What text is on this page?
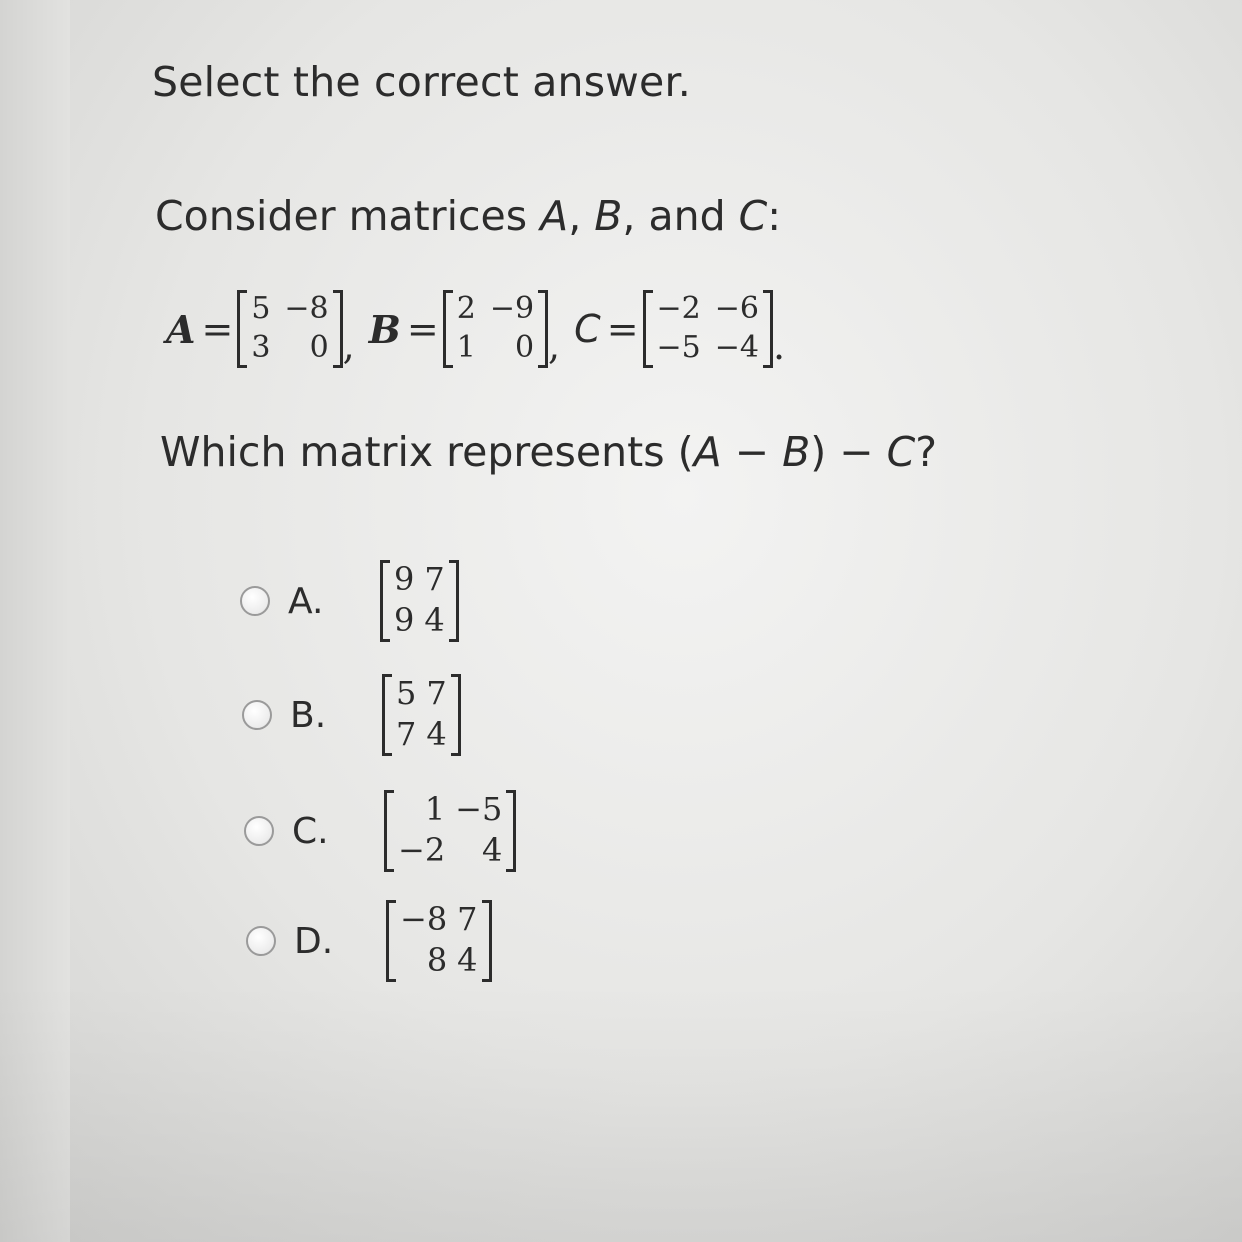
Select the correct answer.
Consider matrices A, B, and C:
A = 5 −8
3	0 , B = 2 −9
1	0 , C = −2 −6
−5 −4 .
Which matrix represents (A − B) − C?
A.
9 7
9 4
B.
5 7
7 4
C.
1 −5
−2	4
D.
−8 7
8 4
